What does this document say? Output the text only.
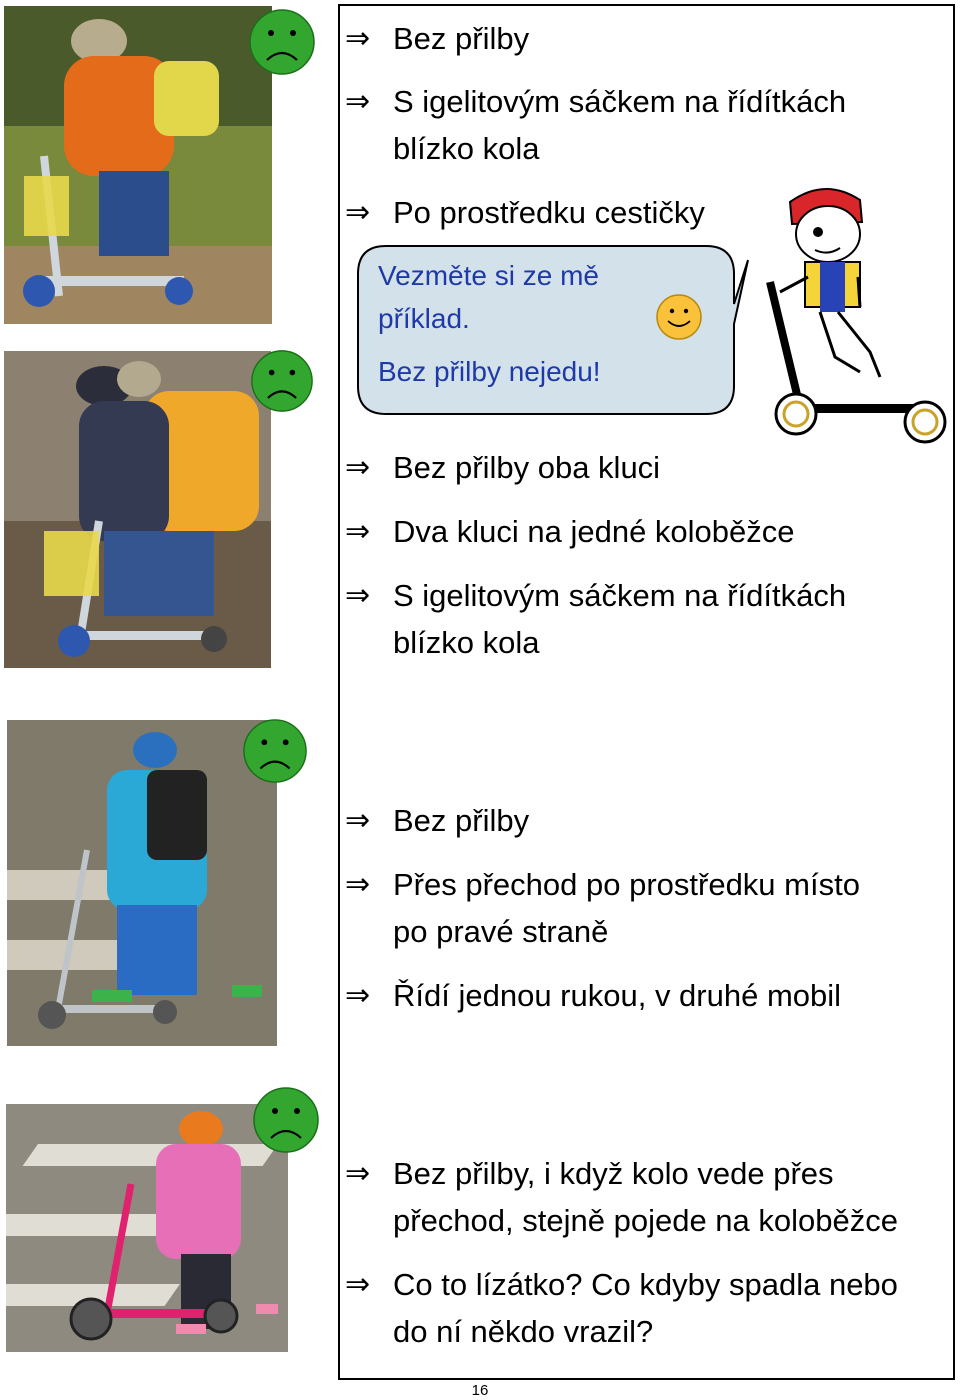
⇒ Bez přilby
⇒ S igelitovým sáčkem na řídítkách
blízko kola
⇒ Po prostředku cestičky
Vezměte si ze mě
příklad.
Bez přilby nejedu!
⇒ Bez přilby oba kluci
⇒ Dva kluci na jedné koloběžce
⇒ S igelitovým sáčkem na řídítkách
blízko kola
⇒ Bez přilby
⇒ Přes přechod po prostředku místo
po pravé straně
⇒ Řídí jednou rukou, v druhé mobil
⇒ Bez přilby, i když kolo vede přes
přechod, stejně pojede na koloběžce
⇒ Co to lízátko? Co kdyby spadla nebo
do ní někdo vrazil?
16
